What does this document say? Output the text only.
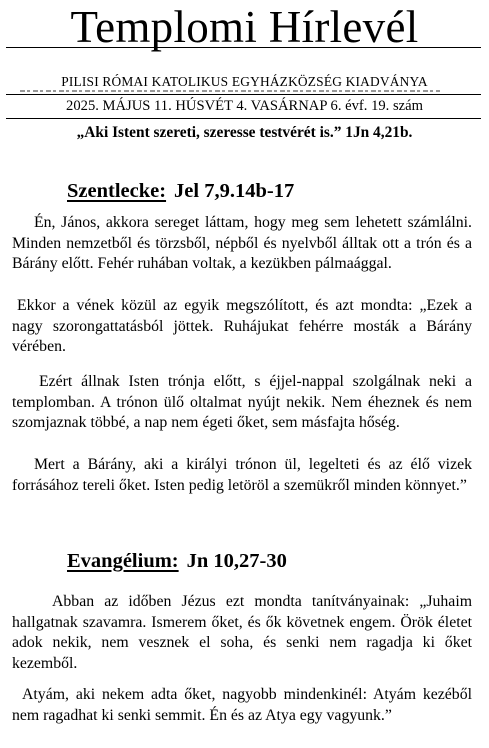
Templomi Hírlevél
PILISI RÓMAI KATOLIKUS EGYHÁZKÖZSÉG KIADVÁNYA
2025. MÁJUS 11. HÚSVÉT 4. VASÁRNAP 6. évf. 19. szám
„Aki Istent szereti, szeresse testvérét is.” 1Jn 4,21b.
Szentlecke: Jel 7,9.14b-17

Én, János, akkora sereget láttam, hogy meg sem lehetett számlálni. Minden nemzetből és törzsből, népből és nyelvből álltak ott a trón és a Bárány előtt. Fehér ruhában voltak, a kezükben pálmaággal.

Ekkor a vének közül az egyik megszólított, és azt mondta: „Ezek a nagy szorongattatásból jöttek. Ruhájukat fehérre mosták a Bárány vérében.

Ezért állnak Isten trónja előtt, s éjjel-nappal szolgálnak neki a templomban. A trónon ülő oltalmat nyújt nekik. Nem éheznek és nem szomjaznak többé, a nap nem égeti őket, sem másfajta hőség.

Mert a Bárány, aki a királyi trónon ül, legelteti és az élő vizek forrásához tereli őket. Isten pedig letöröl a szemükről minden könnyet.”

Evangélium: Jn 10,27-30

Abban az időben Jézus ezt mondta tanítványainak: „Juhaim hallgatnak szavamra. Ismerem őket, és ők követnek engem. Örök életet adok nekik, nem vesznek el soha, és senki nem ragadja ki őket kezemből.

Atyám, aki nekem adta őket, nagyobb mindenkinél: Atyám kezéből nem ragadhat ki senki semmit. Én és az Atya egy vagyunk.”
